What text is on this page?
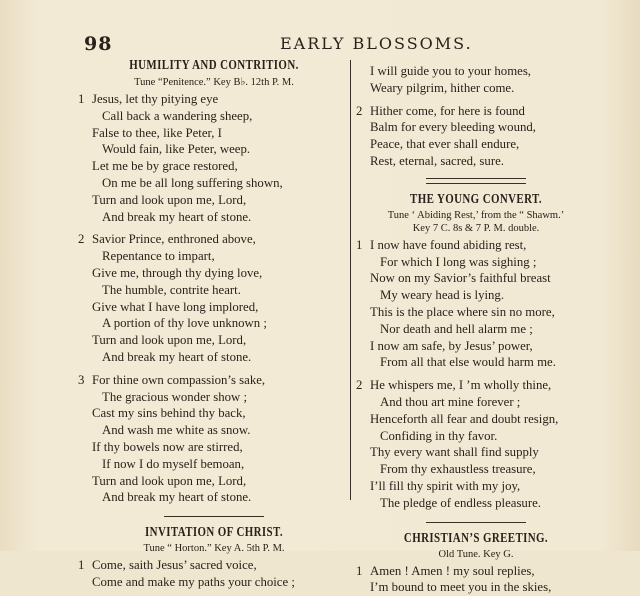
98	EARLY BLOSSOMS.
HUMILITY AND CONTRITION.
Tune “Penitence.” Key B♭. 12th P. M.
1 Jesus, let thy pitying eye
Call back a wandering sheep,
False to thee, like Peter, I
Would fain, like Peter, weep.
Let me be by grace restored,
On me be all long suffering shown,
Turn and look upon me, Lord,
And break my heart of stone.
2 Savior Prince, enthroned above,
Repentance to impart,
Give me, through thy dying love,
The humble, contrite heart.
Give what I have long implored,
A portion of thy love unknown ;
Turn and look upon me, Lord,
And break my heart of stone.
3 For thine own compassion’s sake,
The gracious wonder show ;
Cast my sins behind thy back,
And wash me white as snow.
If thy bowels now are stirred,
If now I do myself bemoan,
Turn and look upon me, Lord,
And break my heart of stone.
INVITATION OF CHRIST.
Tune “ Horton.” Key A. 5th P. M.
1 Come, saith Jesus’ sacred voice,
Come and make my paths your choice ;
I will guide you to your homes,
Weary pilgrim, hither come.
2 Hither come, for here is found
Balm for every bleeding wound,
Peace, that ever shall endure,
Rest, eternal, sacred, sure.
THE YOUNG CONVERT.
Tune ‘ Abiding Rest,’ from the “ Shawm.’
Key 7 C. 8s & 7 P. M. double.
1 I now have found abiding rest,
For which I long was sighing ;
Now on my Savior’s faithful breast
My weary head is lying.
This is the place where sin no more,
Nor death and hell alarm me ;
I now am safe, by Jesus’ power,
From all that else would harm me.
2 He whispers me, I ’m wholly thine,
And thou art mine forever ;
Henceforth all fear and doubt resign,
Confiding in thy favor.
Thy every want shall find supply
From thy exhaustless treasure,
I’ll fill thy spirit with my joy,
The pledge of endless pleasure.
CHRISTIAN’S GREETING.
Old Tune. Key G.
1 Amen ! Amen ! my soul replies,
I’m bound to meet you in the skies,
